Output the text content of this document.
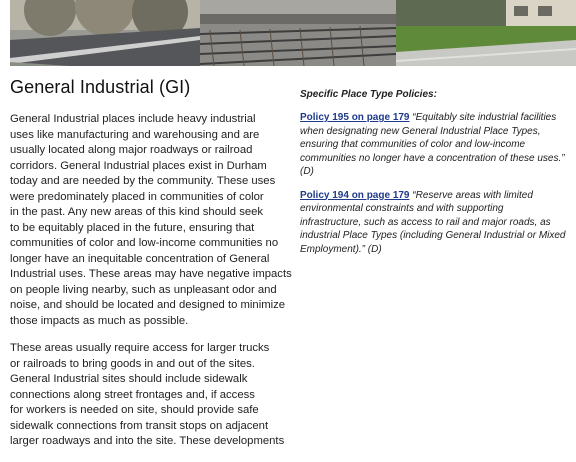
General Industrial (GI)

General Industrial places include heavy industrial
uses like manufacturing and warehousing and are
usually located along major roadways or railroad
corridors. General Industrial places exist in Durham
today and are needed by the community. These uses
were predominately placed in communities of color
in the past. Any new areas of this kind should seek
to be equitably placed in the future, ensuring that
communities of color and low-income communities no
longer have an inequitable concentration of General
Industrial uses. These areas may have negative impacts
on people living nearby, such as unpleasant odor and
noise, and should be located and designed to minimize
those impacts as much as possible.

These areas usually require access for larger trucks
or railroads to bring goods in and out of the sites.
General Industrial sites should include sidewalk
connections along street frontages and, if access
for workers is needed on site, should provide safe
sidewalk connections from transit stops on adjacent
larger roadways and into the site. These developments

Specific Place Type Policies:
Policy 195 on page 179 “Equitably site industrial facilities
when designating new General Industrial Place Types,
ensuring that communities of color and low-income
communities no longer have a concentration of these uses.”
(D)
Policy 194 on page 179 “Reserve areas with limited
environmental constraints and with supporting
infrastructure, such as access to rail and major roads, as
industrial Place Types (including General Industrial or Mixed
Employment).” (D)
